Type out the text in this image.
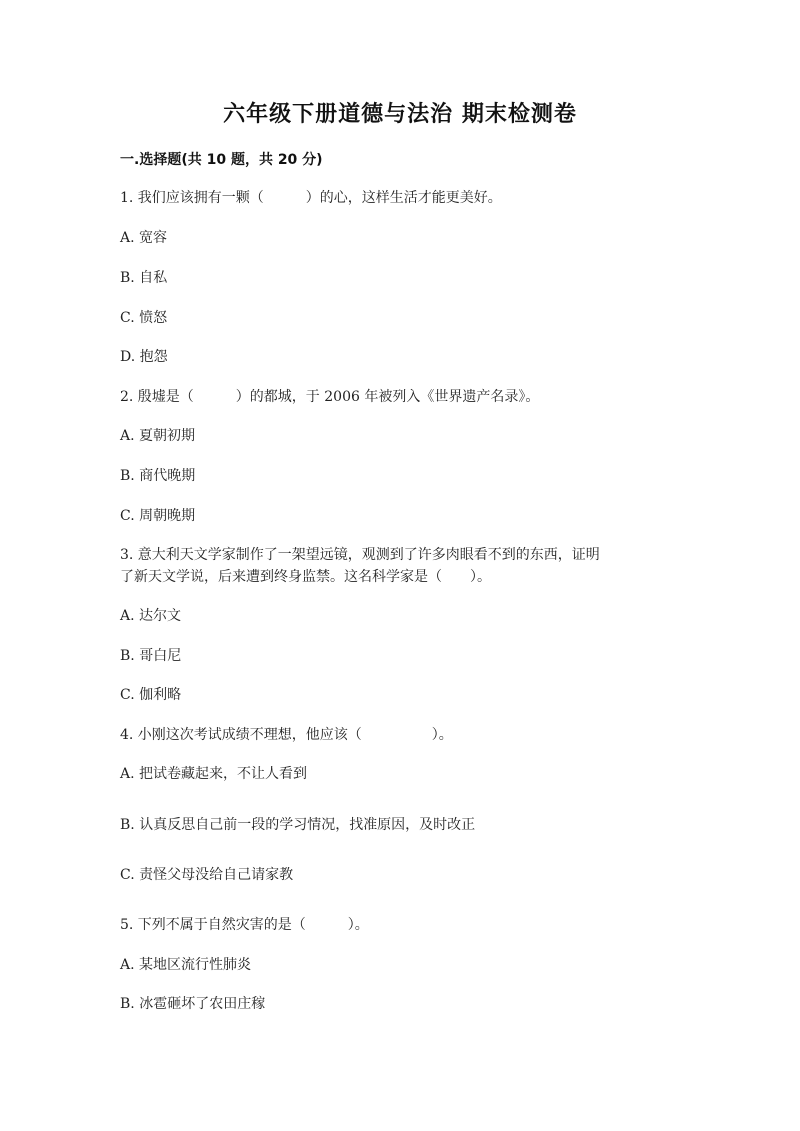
六年级下册道德与法治 期末检测卷
一.选择题(共 10 题，共 20 分)
1. 我们应该拥有一颗（　　　）的心，这样生活才能更美好。
A. 宽容
B. 自私
C. 愤怒
D. 抱怨
2. 殷墟是（　　　）的都城，于 2006 年被列入《世界遗产名录》。
A. 夏朝初期
B. 商代晚期
C. 周朝晚期
3. 意大利天文学家制作了一架望远镜，观测到了许多肉眼看不到的东西，证明
了新天文学说，后来遭到终身监禁。这名科学家是（　　）。
A. 达尔文
B. 哥白尼
C. 伽利略
4. 小刚这次考试成绩不理想，他应该（　　　　　）。
A. 把试卷藏起来，不让人看到
B. 认真反思自己前一段的学习情况，找准原因，及时改正
C. 责怪父母没给自己请家教
5. 下列不属于自然灾害的是（　　　）。
A. 某地区流行性肺炎
B. 冰雹砸坏了农田庄稼
